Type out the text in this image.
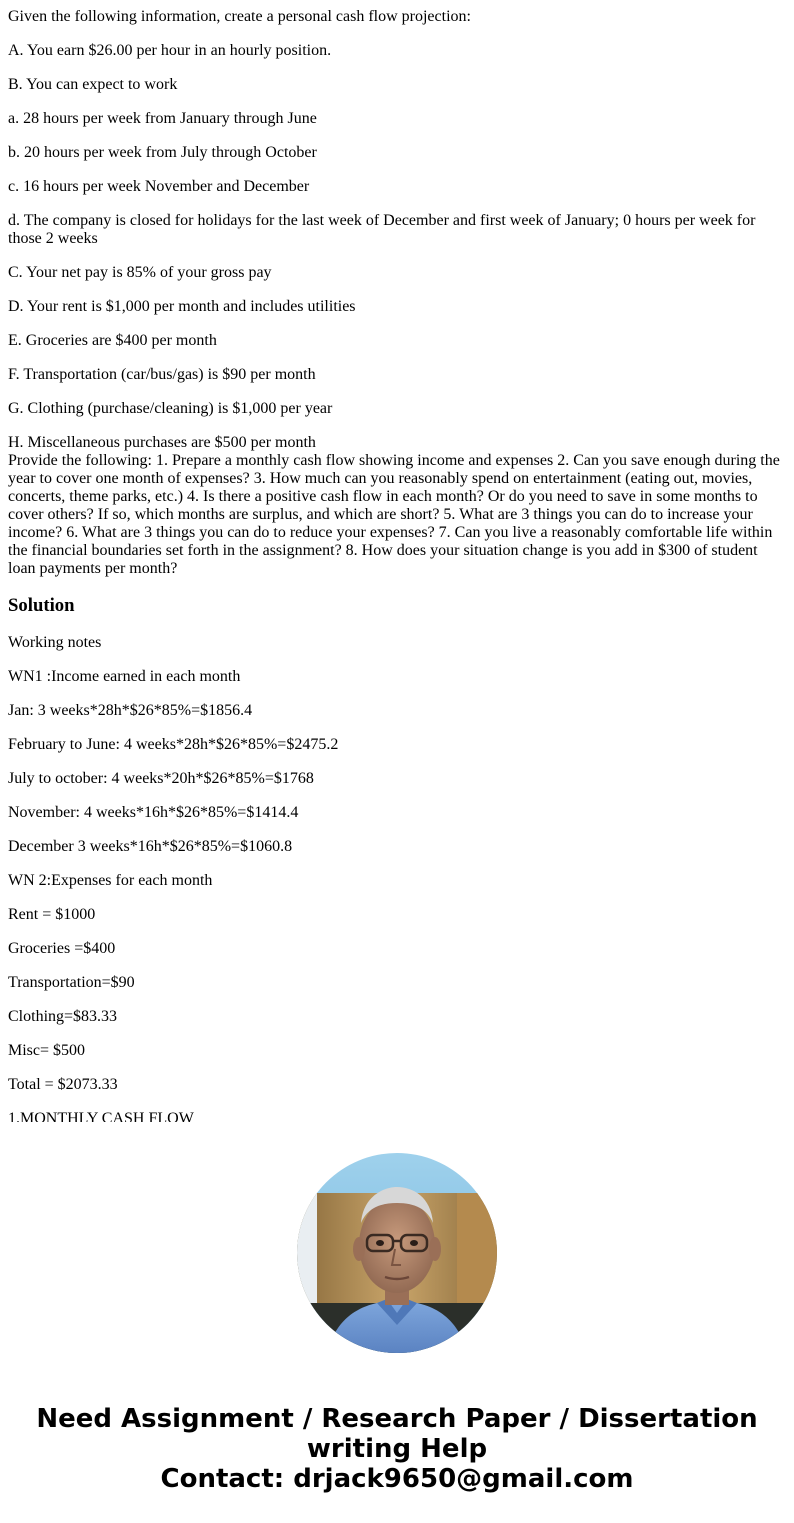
Given the following information, create a personal cash flow projection:

A. You earn $26.00 per hour in an hourly position.

B. You can expect to work

a. 28 hours per week from January through June

b. 20 hours per week from July through October

c. 16 hours per week November and December

d. The company is closed for holidays for the last week of December and first week of January; 0 hours per week for those 2 weeks

C. Your net pay is 85% of your gross pay

D. Your rent is $1,000 per month and includes utilities

E. Groceries are $400 per month

F. Transportation (car/bus/gas) is $90 per month

G. Clothing (purchase/cleaning) is $1,000 per year

H. Miscellaneous purchases are $500 per month

Provide the following: 1. Prepare a monthly cash flow showing income and expenses 2. Can you save enough during the year to cover one month of expenses? 3. How much can you reasonably spend on entertainment (eating out, movies, concerts, theme parks, etc.) 4. Is there a positive cash flow in each month? Or do you need to save in some months to cover others? If so, which months are surplus, and which are short? 5. What are 3 things you can do to increase your income? 6. What are 3 things you can do to reduce your expenses? 7. Can you live a reasonably comfortable life within the financial boundaries set forth in the assignment? 8. How does your situation change is you add in $300 of student loan payments per month?

Solution

Working notes

WN1 :Income earned in each month

Jan: 3 weeks*28h*$26*85%=$1856.4

February to June: 4 weeks*28h*$26*85%=$2475.2

July to october: 4 weeks*20h*$26*85%=$1768

November: 4 weeks*16h*$26*85%=$1414.4

December 3 weeks*16h*$26*85%=$1060.8

WN 2:Expenses for each month

Rent = $1000

Groceries =$400

Transportation=$90

Clothing=$83.33

Misc= $500

Total = $2073.33

1.MONTHLY CASH FLOW

Need Assignment / Research Paper / Dissertation
writing Help
Contact: drjack9650@gmail.com
